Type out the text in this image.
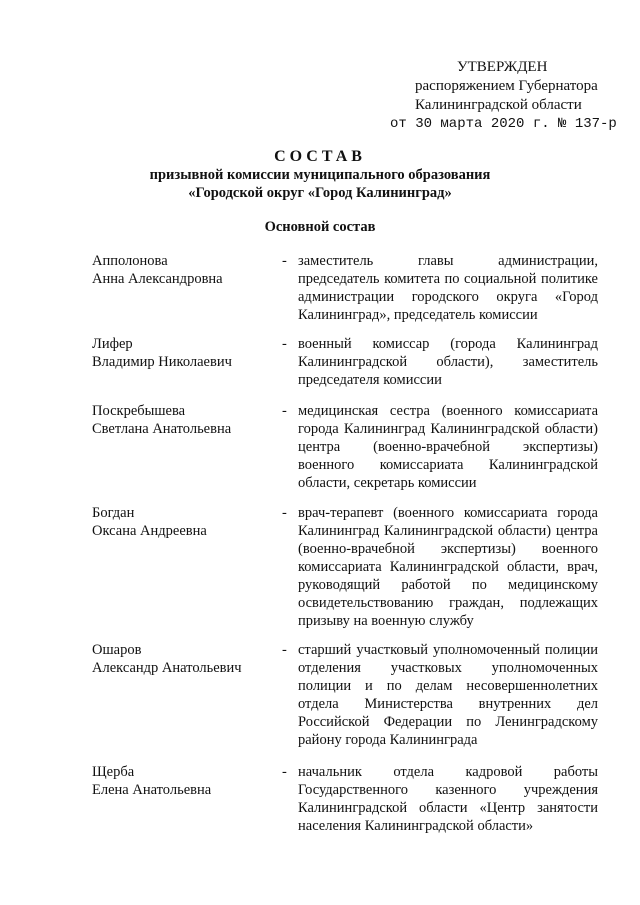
УТВЕРЖДЕН
распоряжением Губернатора
Калининградской области
от 30 марта 2020 г. № 137-р
СОСТАВ
призывной комиссии муниципального образования
«Городской округ «Город Калининград»
Основной состав
Апполонова
Анна Александровна
- заместитель главы администрации, председатель комитета по социальной политике администрации городского округа «Город Калининград», председатель комиссии
Лифер
Владимир Николаевич
- военный комиссар (города Калининград Калининградской области), заместитель председателя комиссии
Поскребышева
Светлана Анатольевна
- медицинская сестра (военного комиссариата города Калининград Калининградской области) центра (военно-врачебной экспертизы) военного комиссариата Калининградской области, секретарь комиссии
Богдан
Оксана Андреевна
- врач-терапевт (военного комиссариата города Калининград Калининградской области) центра (военно-врачебной экспертизы) военного комиссариата Калининградской области, врач, руководящий работой по медицинскому освидетельствованию граждан, подлежащих призыву на военную службу
Ошаров
Александр Анатольевич
- старший участковый уполномоченный полиции отделения участковых уполномоченных полиции и по делам несовершеннолетних отдела Министерства внутренних дел Российской Федерации по Ленинградскому району города Калининграда
Щерба
Елена Анатольевна
- начальник отдела кадровой работы Государственного казенного учреждения Калининградской области «Центр занятости населения Калининградской области»
